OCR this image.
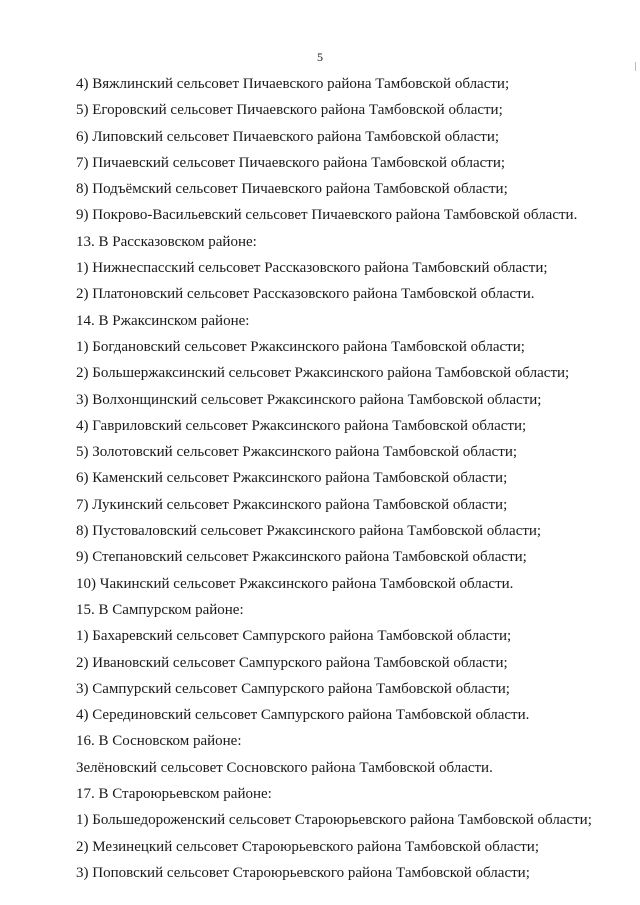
5
4) Вяжлинский сельсовет Пичаевского района Тамбовской области;
5) Егоровский сельсовет Пичаевского района Тамбовской области;
6) Липовский сельсовет Пичаевского района Тамбовской области;
7) Пичаевский сельсовет Пичаевского района Тамбовской области;
8) Подъёмский сельсовет Пичаевского района Тамбовской области;
9) Покрово-Васильевский сельсовет Пичаевского района Тамбовской области.
13. В Рассказовском районе:
1) Нижнеспасский сельсовет Рассказовского района Тамбовский области;
2) Платоновский сельсовет Рассказовского района Тамбовской области.
14. В Ржаксинском районе:
1) Богдановский сельсовет Ржаксинского района Тамбовской области;
2) Большержаксинский сельсовет Ржаксинского района Тамбовской области;
3) Волхонщинский сельсовет Ржаксинского района Тамбовской области;
4) Гавриловский сельсовет Ржаксинского района Тамбовской области;
5) Золотовский сельсовет Ржаксинского района Тамбовской области;
6) Каменский сельсовет Ржаксинского района Тамбовской области;
7) Лукинский сельсовет Ржаксинского района Тамбовской области;
8) Пустоваловский сельсовет Ржаксинского района Тамбовской области;
9) Степановский сельсовет Ржаксинского района Тамбовской области;
10) Чакинский сельсовет Ржаксинского района Тамбовской области.
15. В Сампурском районе:
1) Бахаревский сельсовет Сампурского района Тамбовской области;
2) Ивановский сельсовет Сампурского района Тамбовской области;
3) Сампурский сельсовет Сампурского района Тамбовской области;
4) Серединовский сельсовет Сампурского района Тамбовской области.
16. В Сосновском районе:
Зелёновский сельсовет Сосновского района Тамбовской области.
17. В Староюрьевском районе:
1) Большедороженский сельсовет Староюрьевского района Тамбовской области;
2) Мезинецкий сельсовет Староюрьевского района Тамбовской области;
3) Поповский сельсовет Староюрьевского района Тамбовской области;
